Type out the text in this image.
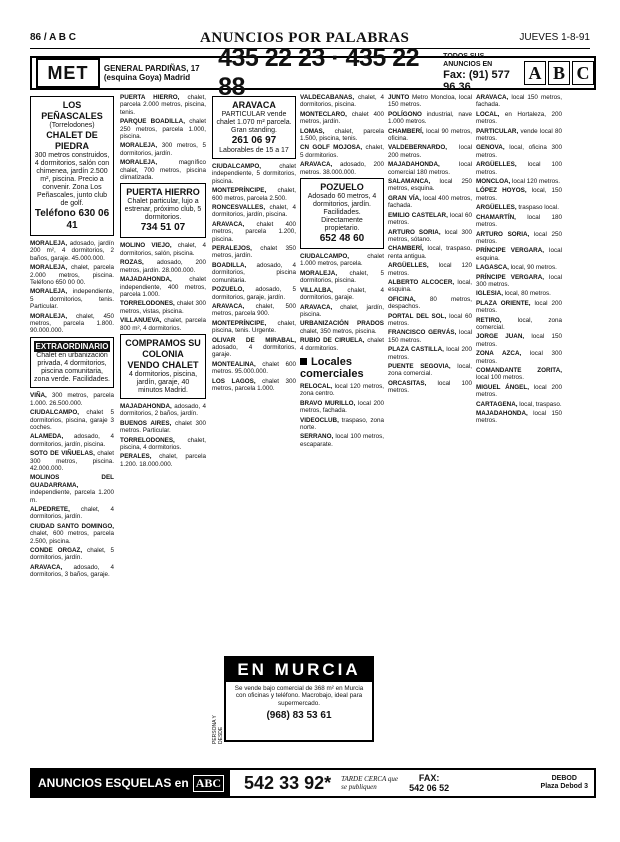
86 / A B C	ANUNCIOS POR PALABRAS	JUEVES 1-8-91
MET	GENERAL PARDIÑAS, 17 (esquina Goya) Madrid
435 22 23 · 435 22 88
TODOS SUS ANUNCIOS EN
Fax: (91) 577 96 36
A B C
LOS PEÑASCALES
(Torrelodones)
CHALET DE PIEDRA
300 metros construidos, 4 dormitorios, salón con chimenea, jardín 2.500 m², piscina. Precio a convenir. Zona Los Peñascales, junto club de golf.
Teléfono 630 06 41

MORALEJA, adosado, jardín 200 m², 4 dormitorios, 2 baños, garaje. 45.000.000.

MORALEJA, chalet, parcela 2.000 metros, piscina. Teléfono 650 00 00.

MORALEJA, independiente, 5 dormitorios, tenis. Particular.

MORALEJA, chalet, 450 metros, parcela 1.800. 90.000.000.

EXTRAORDINARIO
Chalet en urbanización privada, 4 dormitorios, piscina comunitaria, zona verde. Facilidades.

VIÑA, 300 metros, parcela 1.000. 26.500.000.

CIUDALCAMPO, chalet 5 dormitorios, piscina, garaje 3 coches.

ALAMEDA, adosado, 4 dormitorios, jardín, piscina.

SOTO DE VIÑUELAS, chalet 300 metros, piscina. 42.000.000.

MOLINOS DEL GUADARRAMA, independiente, parcela 1.200 m.

ALPEDRETE, chalet, 4 dormitorios, jardín.

CIUDAD SANTO DOMINGO, chalet, 600 metros, parcela 2.500, piscina.

CONDE ORGAZ, chalet, 5 dormitorios, jardín.

ARAVACA, adosado, 4 dormitorios, 3 baños, garaje.

PUERTA HIERRO, chalet, parcela 2.000 metros, piscina, tenis.

PARQUE BOADILLA, chalet 250 metros, parcela 1.000, piscina.

MORALEJA, 300 metros, 5 dormitorios, jardín.

MORALEJA,	magnífico chalet, 700 metros, piscina climatizada.

PUERTA HIERRO
Chalet particular, lujo a estrenar, próximo club, 5 dormitorios.
734 51 07

MOLINO VIEJO, chalet, 4 dormitorios, salón, piscina.

ROZAS, adosado, 200 metros, jardín. 28.000.000.

MAJADAHONDA,	chalet independiente, 400 metros, parcela 1.000.

TORRELODONES, chalet 300 metros, vistas, piscina.

VILLANUEVA, chalet, parcela 800 m², 4 dormitorios.

COMPRAMOS SU COLONIA
VENDO CHALET
4 dormitorios, piscina, jardín, garaje, 40 minutos Madrid.

MAJADAHONDA, adosado, 4 dormitorios, 2 baños, jardín.

BUENOS AIRES, chalet 300 metros. Particular.

TORRELODONES, chalet, piscina, 4 dormitorios.

PERALES, chalet, parcela 1.200. 18.000.000.

ARAVACA
PARTICULAR vende chalet 1.070 m² parcela. Gran standing.
261 06 97
Laborables de 15 a 17

CIUDALCAMPO,	chalet independiente, 5 dormitorios, piscina.

MONTEPRÍNCIPE, chalet, 600 metros, parcela 2.500.

RONCESVALLES, chalet, 4 dormitorios, jardín, piscina.

ARAVACA, chalet 400 metros, parcela 1.200, piscina.

PERALEJOS, chalet 350 metros, jardín.

BOADILLA, adosado, 4 dormitorios, piscina comunitaria.

POZUELO, adosado, 5 dormitorios, garaje, jardín.

ARAVACA, chalet, 500 metros, parcela 900.

MONTEPRÍNCIPE, chalet, piscina, tenis. Urgente.

OLIVAR DE MIRABAL, adosado, 4 dormitorios, garaje.

MONTEALINA, chalet 600 metros. 95.000.000.

LOS LAGOS, chalet 300 metros, parcela 1.000.

VALDECABAÑAS, chalet, 4 dormitorios, piscina.

MONTECLARO, chalet 400 metros, jardín.

LOMAS, chalet, parcela 1.500, piscina, tenis.

CN GOLF MOJOSA, chalet, 5 dormitorios.

ARAVACA, adosado, 200 metros. 38.000.000.

POZUELO
Adosado 60 metros, 4 dormitorios, jardín. Facilidades. Directamente propietario.
652 48 60

CIUDALCAMPO,	chalet 1.000 metros, parcela.

MORALEJA, chalet, 5 dormitorios, piscina.

VILLALBA, chalet, 4 dormitorios, garaje.

ARAVACA, chalet, jardín, piscina.

URBANIZACIÓN PRADOS chalet, 350 metros, piscina.

RUBIO DE CIRUELA, chalet 4 dormitorios.

Locales comerciales

RELOCAL, local 120 metros, zona centro.

BRAVO MURILLO, local 200 metros, fachada.

VIDEOCLUB, traspaso, zona norte.

SERRANO, local 100 metros, escaparate.

JUNTO Metro Moncloa, local 150 metros.

POLÍGONO industrial, nave 1.000 metros.

CHAMBERÍ, local 90 metros, oficina.

VALDEBERNARDO, local 200 metros.

MAJADAHONDA,	local comercial 180 metros.

SALAMANCA, local 250 metros, esquina.

GRAN VÍA, local 400 metros, fachada.

EMILIO CASTELAR, local 60 metros.

ARTURO SORIA, local 300 metros, sótano.

CHAMBERÍ, local, traspaso, renta antigua.

ARGÜELLES, local 120 metros.

ALBERTO ALCOCER, local, esquina.

OFICINA, 80 metros, despachos.

PORTAL DEL SOL, local 60 metros.

FRANCISCO GERVÁS, local 150 metros.

PLAZA CASTILLA, local 200 metros.

PUENTE SEGOVIA, local, zona comercial.

ORCASITAS, local 100 metros.

ARAVACA, local 150 metros, fachada.

LOCAL, en Hortaleza, 200 metros.

PARTICULAR, vende local 80 metros.

GENOVA, local, oficina 300 metros.

ARGÜELLES, local 100 metros.

MONCLOA, local 120 metros.

LÓPEZ HOYOS, local, 150 metros.

ARGÜELLES, traspaso local.

CHAMARTÍN, local 180 metros.

ARTURO SORIA, local 250 metros.

PRÍNCIPE VERGARA, local esquina.

LAGASCA, local, 90 metros.

PRÍNCIPE VERGARA, local 300 metros.

IGLESIA, local, 80 metros.

PLAZA ORIENTE, local 200 metros.

RETIRO,	local, zona comercial.

JORGE JUAN, local 150 metros.

ZONA AZCA, local 300 metros.

COMANDANTE ZORITA, local 100 metros.

MIGUEL ÁNGEL, local 200 metros.

CARTAGENA, local, traspaso.

MAJADAHONDA, local 150 metros.

PERSONA Y DESDE
EN MURCIA
Se vende bajo comercial de 368 m² en Murcia con oficinas y teléfono. Macrobajo, ideal para supermercado.
(968) 83 53 61
ANUNCIOS ESQUELAS en ABC 542 33 92* TARDE CERCA que se publiquen
FAX:
542 06 52
DEBOD
Plaza Debod 3
